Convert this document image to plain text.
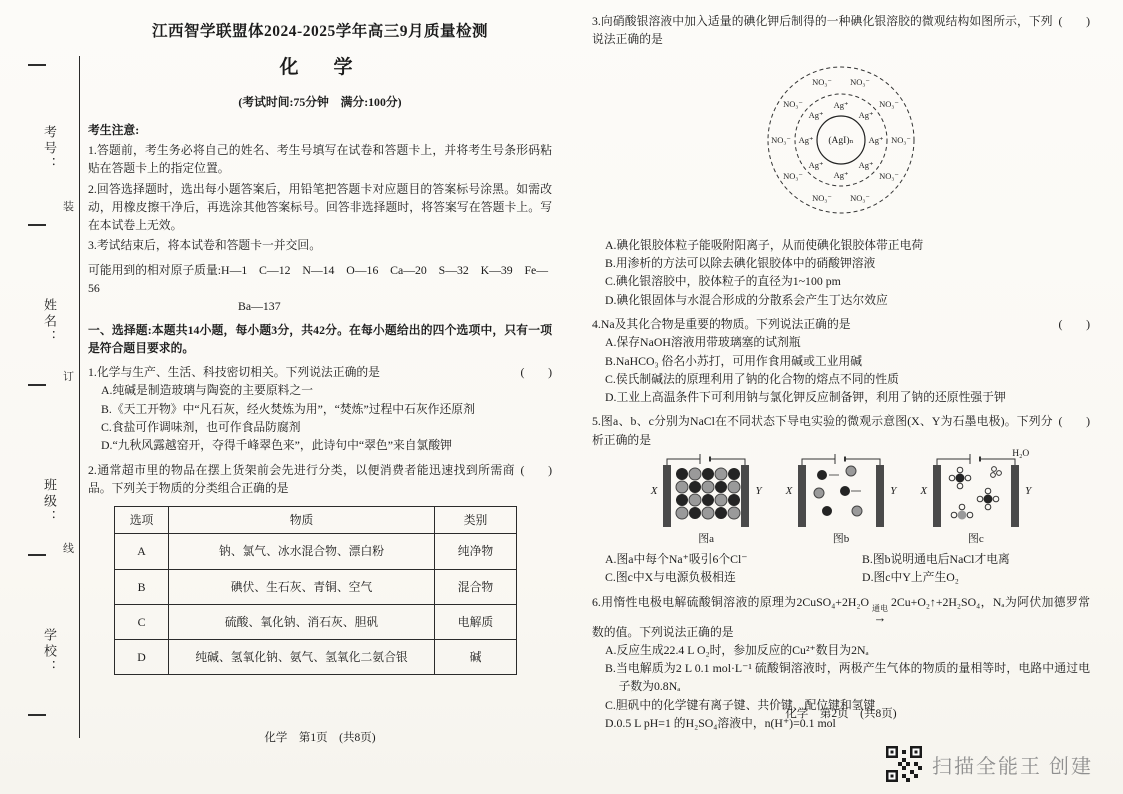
考号：
姓名：
班级：
学校：
装
订
线
江西智学联盟体2024-2025学年高三9月质量检测
化　学
(考试时间:75分钟　满分:100分)
考生注意:
1.答题前，考生务必将自己的姓名、考生号填写在试卷和答题卡上，并将考生号条形码粘贴在答题卡上的指定位置。
2.回答选择题时，选出每小题答案后，用铅笔把答题卡对应题目的答案标号涂黑。如需改动，用橡皮擦干净后，再选涂其他答案标号。回答非选择题时，将答案写在答题卡上。写在本试卷上无效。
3.考试结束后，将本试卷和答题卡一并交回。
可能用到的相对原子质量:H—1　C—12　N—14　O—16　Ca—20　S—32　K—39　Fe—56
Ba—137
一、选择题:本题共14小题，每小题3分，共42分。在每小题给出的四个选项中，只有一项是符合题目要求的。
(　　)
1.化学与生产、生活、科技密切相关。下列说法正确的是
A.纯碱是制造玻璃与陶瓷的主要原料之一
B.《天工开物》中“凡石灰，经火焚炼为用”，“焚炼”过程中石灰作还原剂
C.食盐可作调味剂，也可作食品防腐剂
D.“九秋风露越窑开，夺得千峰翠色来”，此诗句中“翠色”来自氯酸钾
(　　)
2.通常超市里的物品在摆上货架前会先进行分类，以便消费者能迅速找到所需商品。下列关于物质的分类组合正确的是
选项	物质	类别
A	钠、氯气、冰水混合物、漂白粉	纯净物
B	碘伏、生石灰、青铜、空气	混合物
C	硫酸、氧化钠、消石灰、胆矾	电解质
D	纯碱、氢氧化钠、氨气、氢氧化二氨合银	碱
化学　第1页　(共8页)
(　　)
3.向硝酸银溶液中加入适量的碘化钾后制得的一种碘化银溶胶的微观结构如图所示，下列说法正确的是
(AgI)ₙ Ag⁺
Ag⁺
Ag⁺
Ag⁺
Ag⁺
Ag⁺
Ag⁺
Ag⁺
NO₃⁻
NO₃⁻
NO₃⁻
NO₃⁻
NO₃⁻
NO₃⁻
NO₃⁻
NO₃⁻ NO₃⁻
NO₃⁻
A.碘化银胶体粒子能吸附阳离子，从而使碘化银胶体带正电荷
B.用渗析的方法可以除去碘化银胶体中的硝酸钾溶液
C.碘化银溶胶中，胶体粒子的直径为1~100 pm
D.碘化银固体与水混合形成的分散系会产生丁达尔效应
(　　)
4.Na及其化合物是重要的物质。下列说法正确的是
A.保存NaOH溶液用带玻璃塞的试剂瓶
B.NaHCO₃ 俗名小苏打，可用作食用碱或工业用碱
C.侯氏制碱法的原理利用了钠的化合物的熔点不同的性质
D.工业上高温条件下可利用钠与氯化钾反应制备钾，利用了钠的还原性强于钾
(　　)
5.图a、b、c分别为NaCl在不同状态下导电实验的微观示意图(X、Y为石墨电极)。下列分析正确的是
X	Y
图a
X	Y
图b
H₂O
X	Y
图c
A.图a中每个Na⁺吸引6个Cl⁻	B.图b说明通电后NaCl才电离
C.图c中X与电源负极相连	D.图c中Y上产生O₂
6.用惰性电极电解硫酸铜溶液的原理为2CuSO₄+2H₂O
通电
→
2Cu+O₂↑+2H₂SO₄，Nₐ为阿伏加德罗常数的值。下列说法正确的是
A.反应生成22.4 L O₂时，参加反应的Cu²⁺数目为2Nₐ
B.当电解质为2 L 0.1 mol·L⁻¹ 硫酸铜溶液时，两极产生气体的物质的量相等时，电路中通过电子数为0.8Nₐ
C.胆矾中的化学键有离子键、共价键、配位键和氢键
D.0.5 L pH=1 的H₂SO₄溶液中，n(H⁺)=0.1 mol
化学　第2页　(共8页)
扫描全能王 创建
